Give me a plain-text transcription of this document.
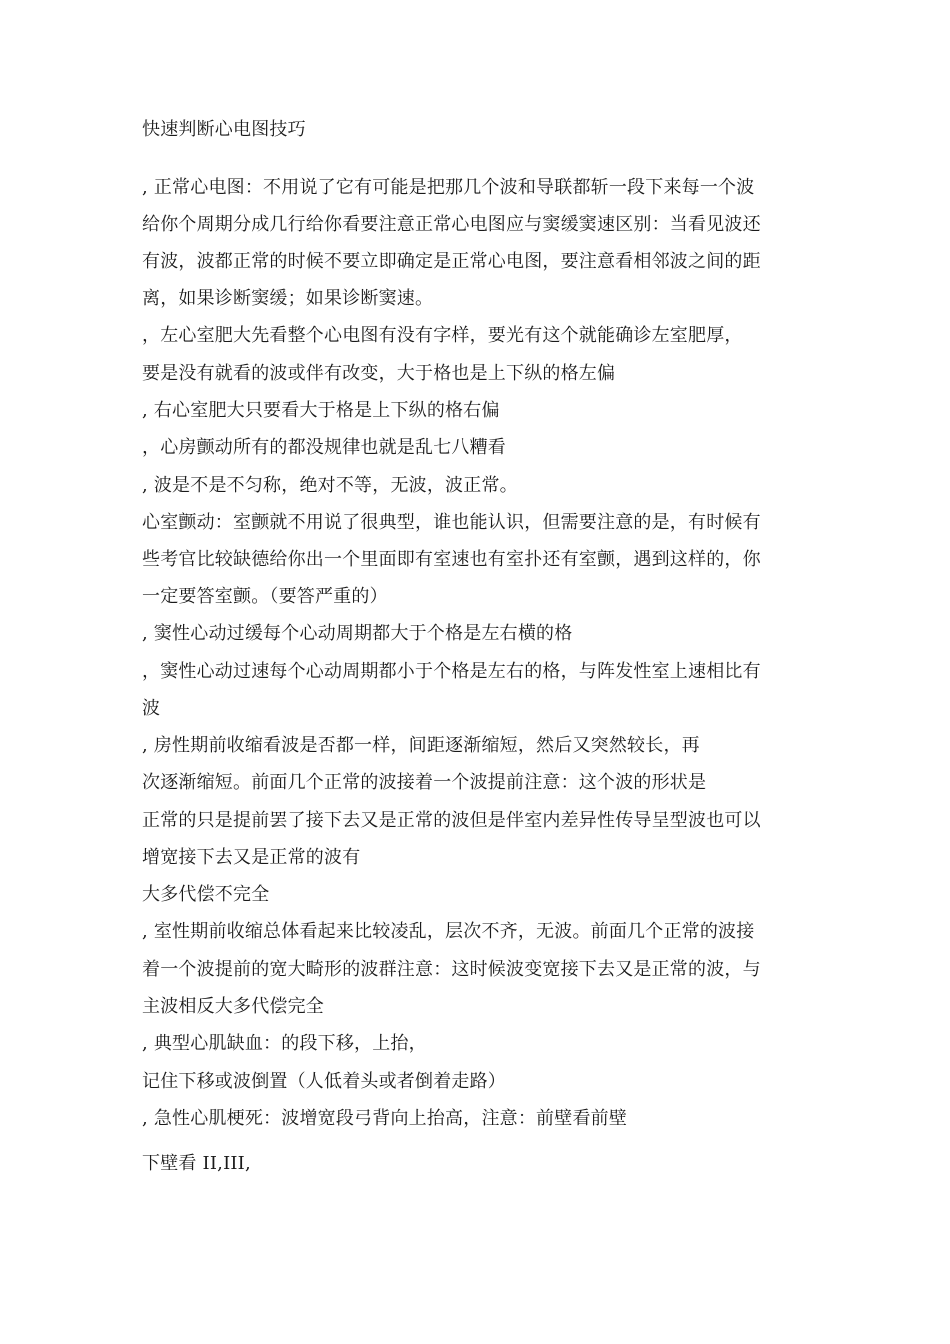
快速判断心电图技巧
, 正常心电图：不用说了它有可能是把那几个波和导联都斩一段下来每一个波
给你个周期分成几行给你看要注意正常心电图应与窦缓窦速区别：当看见波还
有波，波都正常的时候不要立即确定是正常心电图，要注意看相邻波之间的距
离，如果诊断窦缓；如果诊断窦速。
，左心室肥大先看整个心电图有没有字样，要光有这个就能确诊左室肥厚，
要是没有就看的波或伴有改变，大于格也是上下纵的格左偏
, 右心室肥大只要看大于格是上下纵的格右偏
，心房颤动所有的都没规律也就是乱七八糟看
, 波是不是不匀称，绝对不等，无波，波正常。
心室颤动：室颤就不用说了很典型，谁也能认识，但需要注意的是，有时候有
些考官比较缺德给你出一个里面即有室速也有室扑还有室颤，遇到这样的，你
一定要答室颤。（要答严重的）
, 窦性心动过缓每个心动周期都大于个格是左右横的格
，窦性心动过速每个心动周期都小于个格是左右的格，与阵发性室上速相比有
波
, 房性期前收缩看波是否都一样，间距逐渐缩短，然后又突然较长，再
次逐渐缩短。前面几个正常的波接着一个波提前注意：这个波的形状是
正常的只是提前罢了接下去又是正常的波但是伴室内差异性传导呈型波也可以
增宽接下去又是正常的波有
大多代偿不完全
, 室性期前收缩总体看起来比较凌乱，层次不齐，无波。前面几个正常的波接
着一个波提前的宽大畸形的波群注意：这时候波变宽接下去又是正常的波，与
主波相反大多代偿完全
, 典型心肌缺血：的段下移，上抬，
记住下移或波倒置（人低着头或者倒着走路）
, 急性心肌梗死：波增宽段弓背向上抬高，注意：前壁看前壁
下壁看 II,III,
